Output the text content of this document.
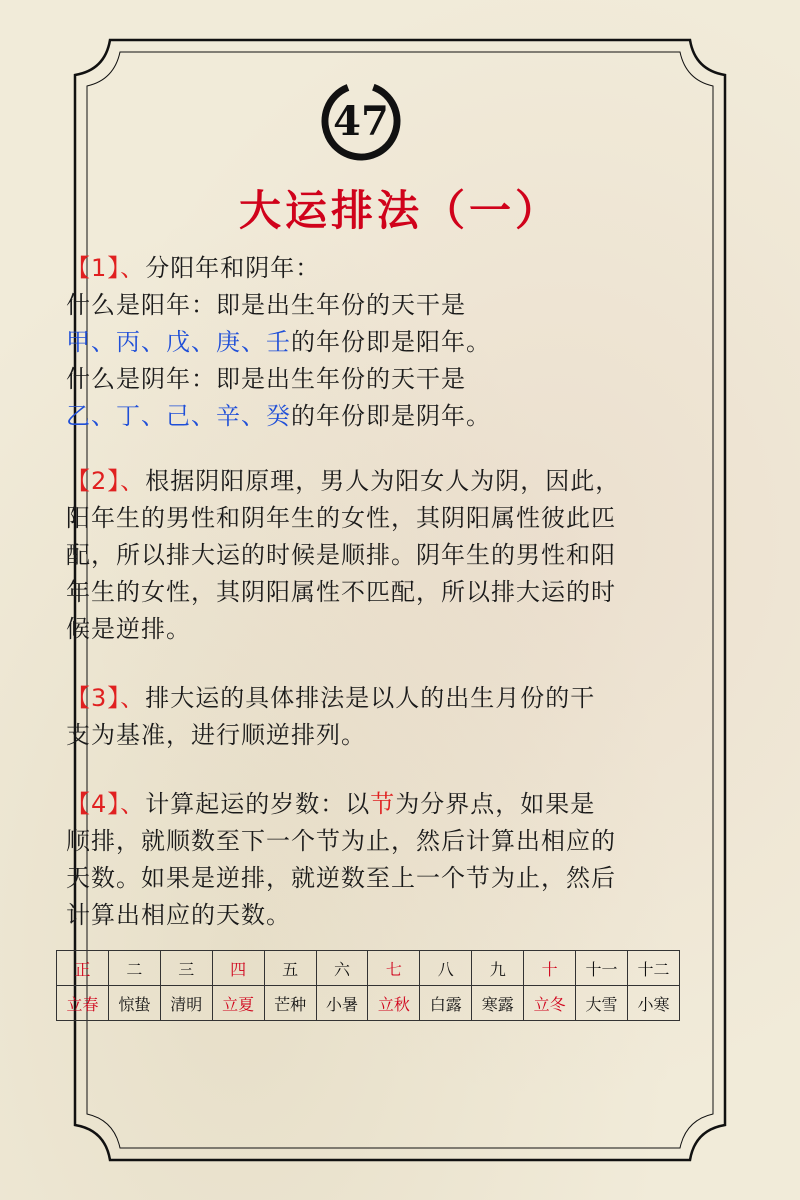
47
大运排法（一）
【1】、分阳年和阴年：
什么是阳年：即是出生年份的天干是
甲、丙、戊、庚、壬的年份即是阳年。
什么是阴年：即是出生年份的天干是
乙、丁、己、辛、癸的年份即是阴年。
【2】、根据阴阳原理，男人为阳女人为阴，因此，
阳年生的男性和阴年生的女性，其阴阳属性彼此匹
配，所以排大运的时候是顺排。阴年生的男性和阳
年生的女性，其阴阳属性不匹配，所以排大运的时
候是逆排。
【3】、排大运的具体排法是以人的出生月份的干
支为基准，进行顺逆排列。
【4】、计算起运的岁数：以节为分界点，如果是
顺排，就顺数至下一个节为止，然后计算出相应的
天数。如果是逆排，就逆数至上一个节为止，然后
计算出相应的天数。
正	二	三	四	五	六	七	八	九	十	十一	十二
立春	惊蛰	清明	立夏	芒种	小暑	立秋	白露	寒露	立冬	大雪	小寒
